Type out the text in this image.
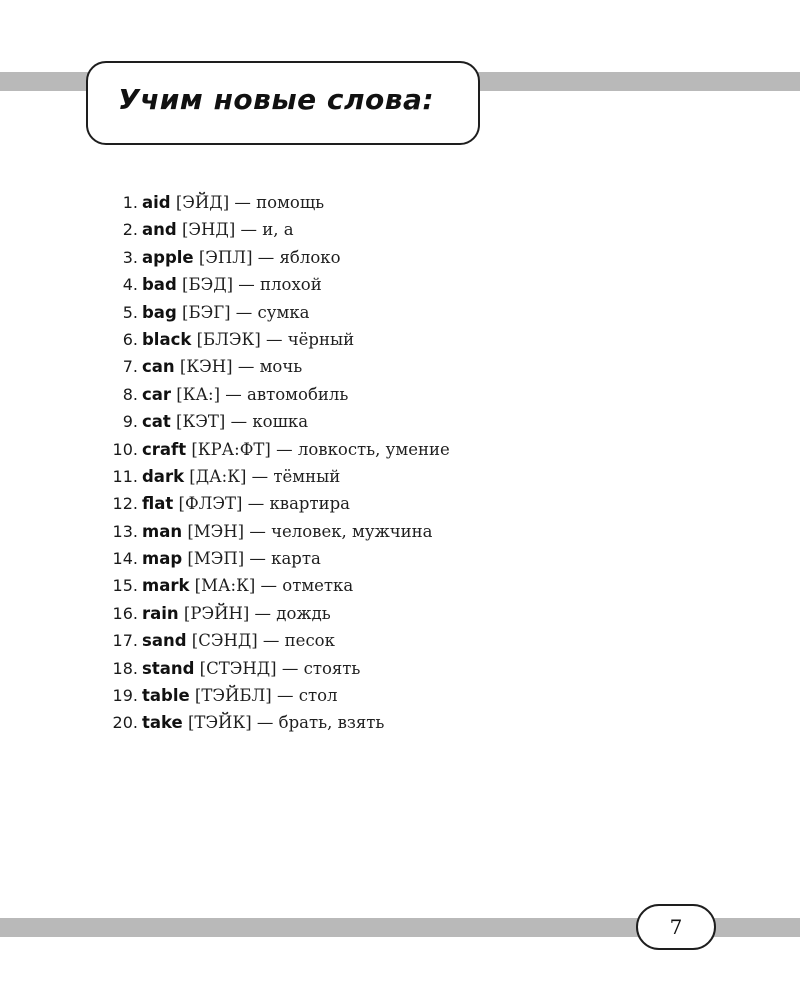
Учим новые слова:
1. aid [ЭЙД] — помощь
2. and [ЭНД] — и, а
3. apple [ЭПЛ] — яблоко
4. bad [БЭД] — плохой
5. bag [БЭГ] — сумка
6. black [БЛЭК] — чёрный
7. can [КЭН] — мочь
8. car [КА:] — автомобиль
9. cat [КЭТ] — кошка
10. craft [КРА:ФТ] — ловкость, умение
11. dark [ДА:К] — тёмный
12. flat [ФЛЭТ] — квартира
13. man [МЭН] — человек, мужчина
14. map [МЭП] — карта
15. mark [МА:К] — отметка
16. rain [РЭЙН] — дождь
17. sand [СЭНД] — песок
18. stand [СТЭНД] — стоять
19. table [ТЭЙБЛ] — стол
20. take [ТЭЙК] — брать, взять
7
